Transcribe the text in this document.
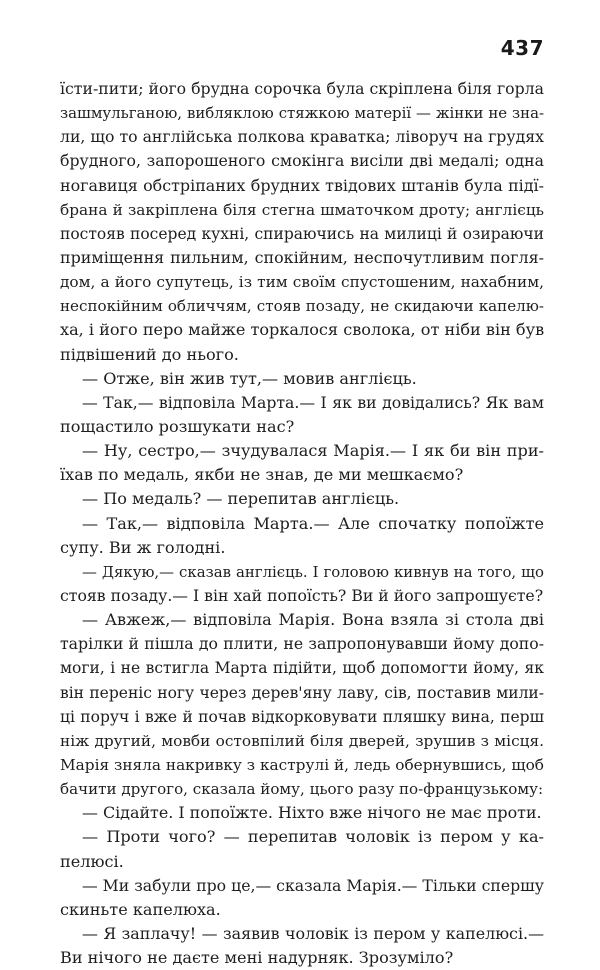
437
їсти-пити; його брудна сорочка була скріплена біля горла
зашмульганою, вибляклою стяжкою матерії — жінки не зна-
ли, що то англійська полкова краватка; ліворуч на грудях
брудного, запорошеного смокінга висіли дві медалі; одна
ногавиця обстріпаних брудних твідових штанів була підї-
брана й закріплена біля стегна шматочком дроту; англієць
постояв посеред кухні, спираючись на милиці й озираючи
приміщення пильним, спокійним, неспочутливим погля-
дом, а його супутець, із тим своїм спустошеним, нахабним,
неспокійним обличчям, стояв позаду, не скидаючи капелю-
ха, і його перо майже торкалося сволока, от ніби він був
підвішений до нього.
— Отже, він жив тут,— мовив англієць.
— Так,— відповіла Марта.— І як ви довідались? Як вам
пощастило розшукати нас?
— Ну, сестро,— зчудувалася Марія.— І як би він при-
їхав по медаль, якби не знав, де ми мешкаємо?
— По медаль? — перепитав англієць.
— Так,— відповіла Марта.— Але спочатку попоїжте
супу. Ви ж голодні.
— Дякую,— сказав англієць. І головою кивнув на того, що
стояв позаду.— І він хай попоїсть? Ви й його запрошуєте?
— Авжеж,— відповіла Марія. Вона взяла зі стола дві
тарілки й пішла до плити, не запропонувавши йому допо-
моги, і не встигла Марта підійти, щоб допомогти йому, як
він переніс ногу через дерев'яну лаву, сів, поставив мили-
ці поруч і вже й почав відкорковувати пляшку вина, перш
ніж другий, мовби остовпілий біля дверей, зрушив з місця.
Марія зняла накривку з каструлі й, ледь обернувшись, щоб
бачити другого, сказала йому, цього разу по-французькому:
— Сідайте. І попоїжте. Ніхто вже нічого не має проти.
— Проти чого? — перепитав чоловік із пером у ка-
пелюсі.
— Ми забули про це,— сказала Марія.— Тільки спершу
скиньте капелюха.
— Я заплачу! — заявив чоловік із пером у капелюсі.—
Ви нічого не даєте мені надурняк. Зрозуміло?
